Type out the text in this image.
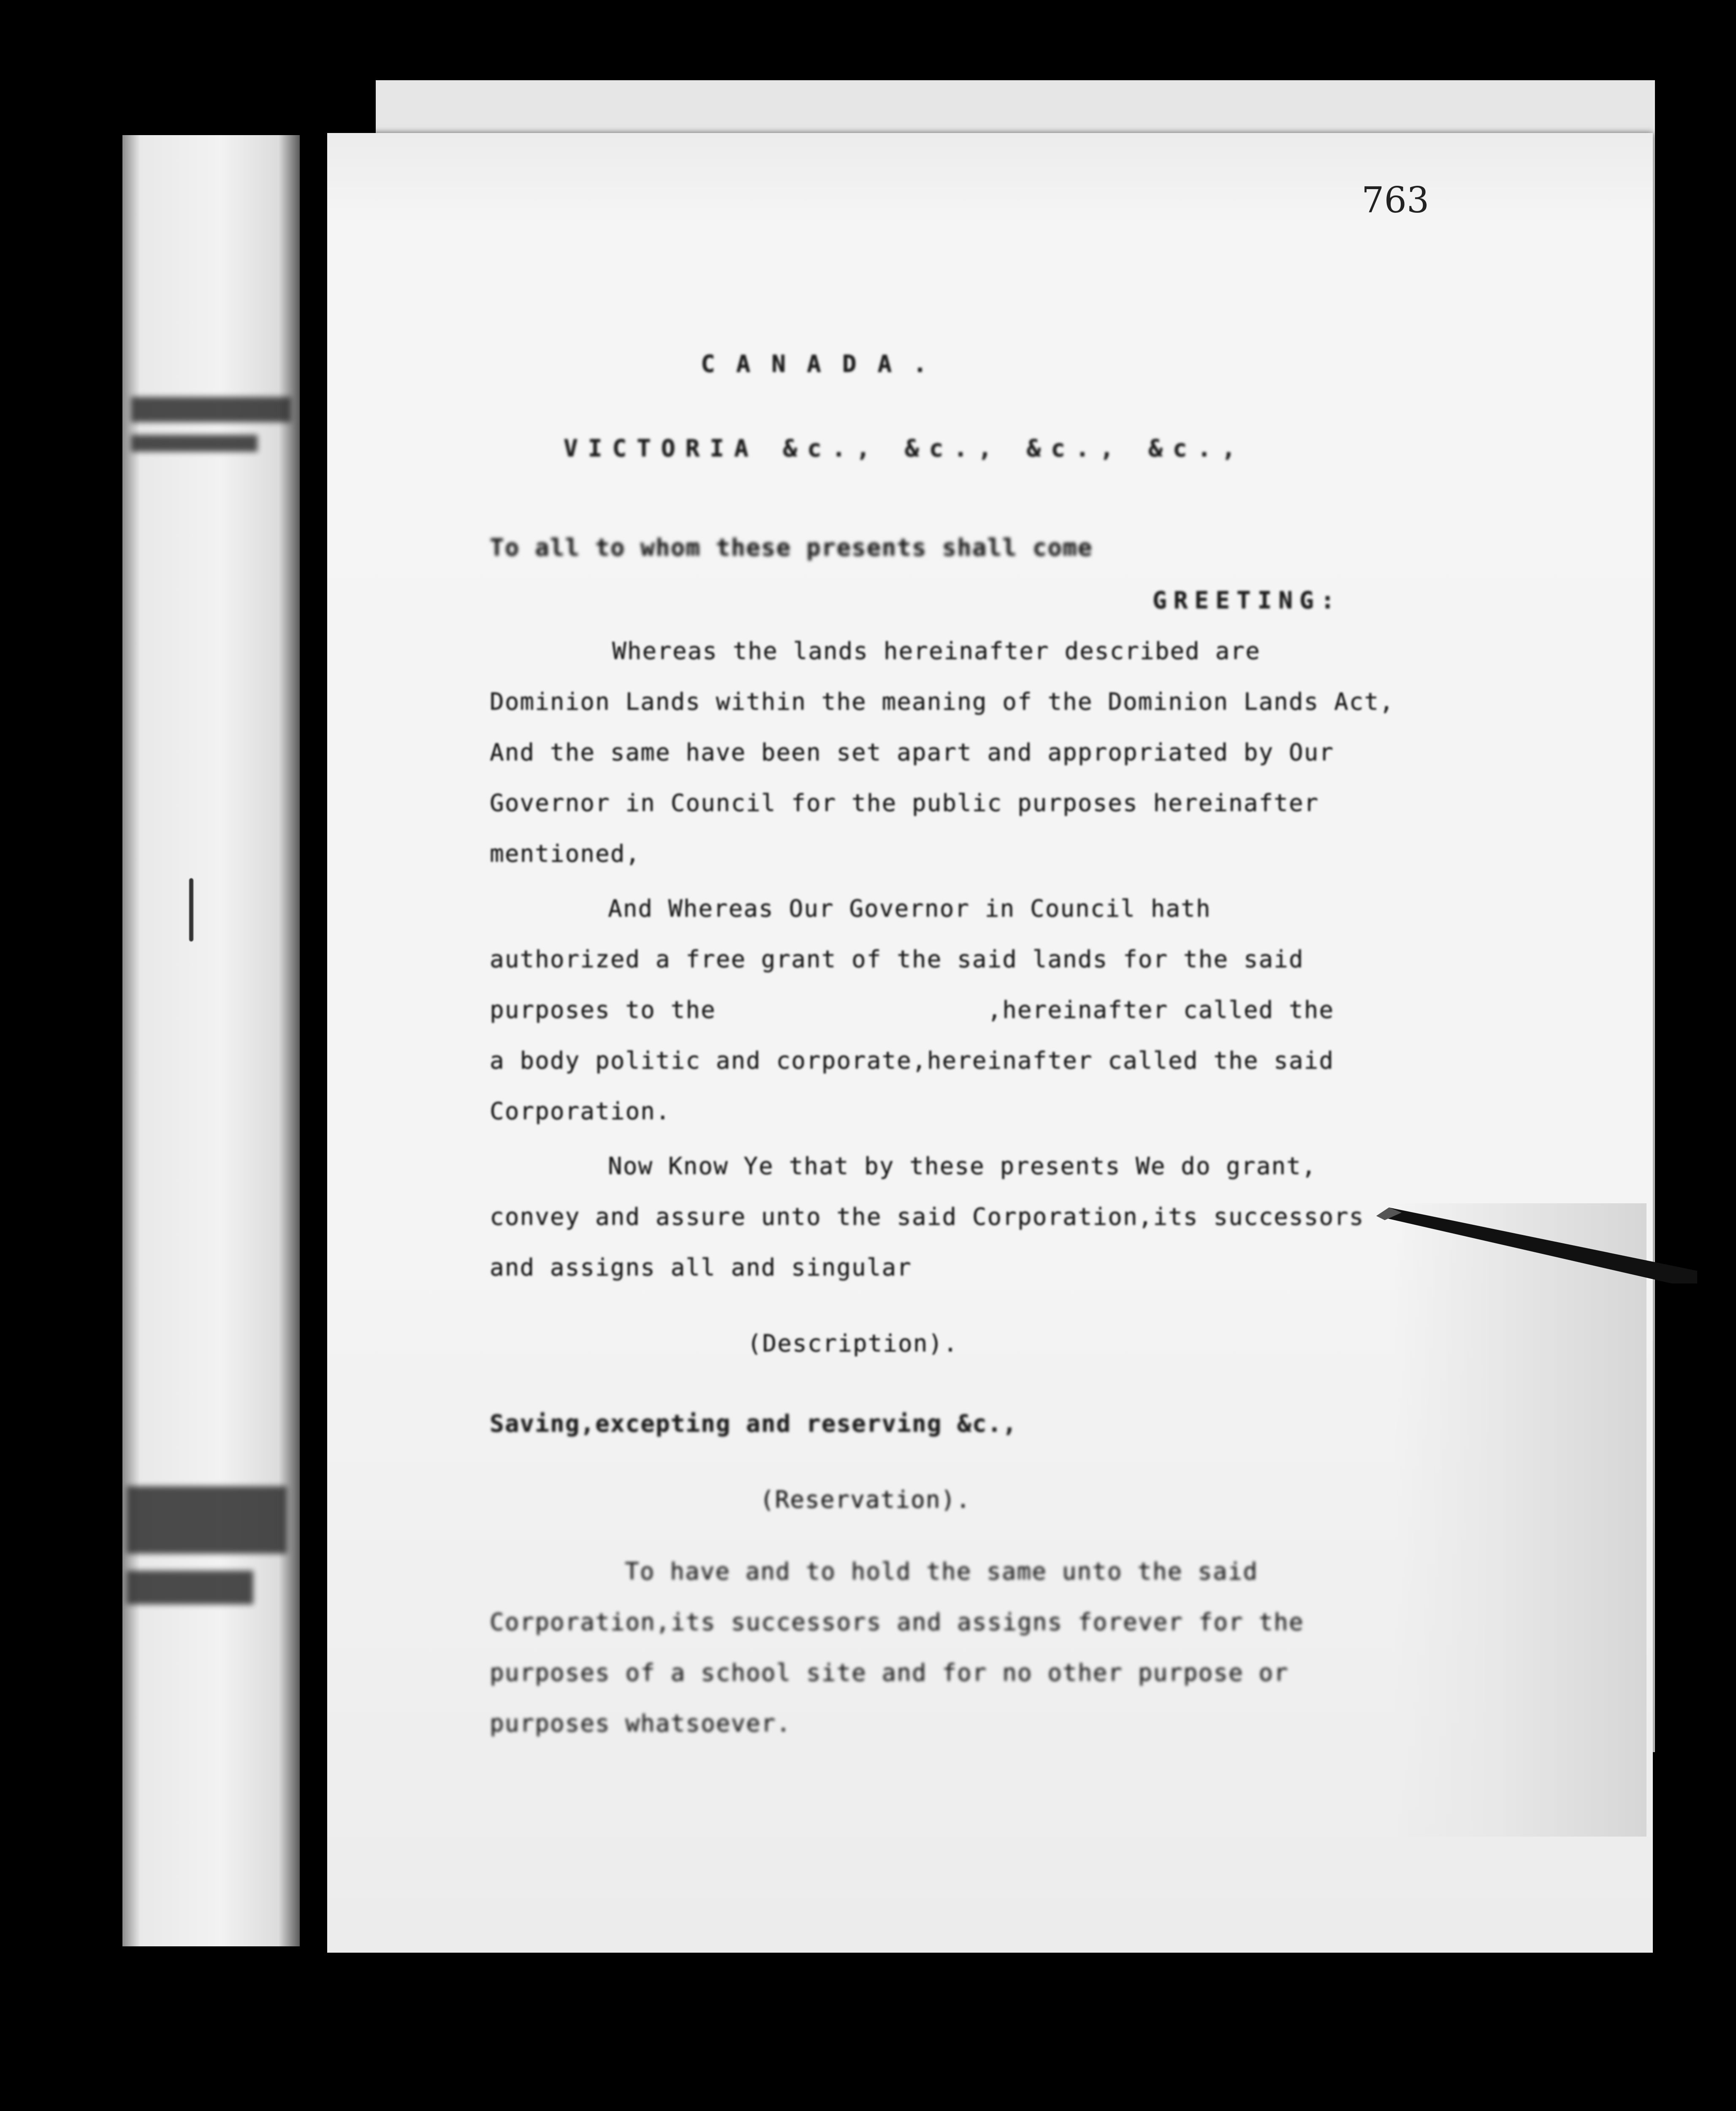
763
CANADA.
VICTORIA &c., &c., &c., &c.,
To all to whom these presents shall come
GREETING:
Whereas the lands hereinafter described are
Dominion Lands within the meaning of the Dominion Lands Act,
And the same have been set apart and appropriated by Our
Governor in Council for the public purposes hereinafter
mentioned,
And Whereas Our Governor in Council hath
authorized a free grant of the said lands for the said
purposes to the                  ,hereinafter called the
a body politic and corporate,hereinafter called the said
Corporation.
Now Know Ye that by these presents We do grant,
convey and assure unto the said Corporation,its successors
and assigns all and singular
(Description).
Saving,excepting and reserving &c.,
(Reservation).
To have and to hold the same unto the said
Corporation,its successors and assigns forever for the
purposes of a school site and for no other purpose or
purposes whatsoever.
